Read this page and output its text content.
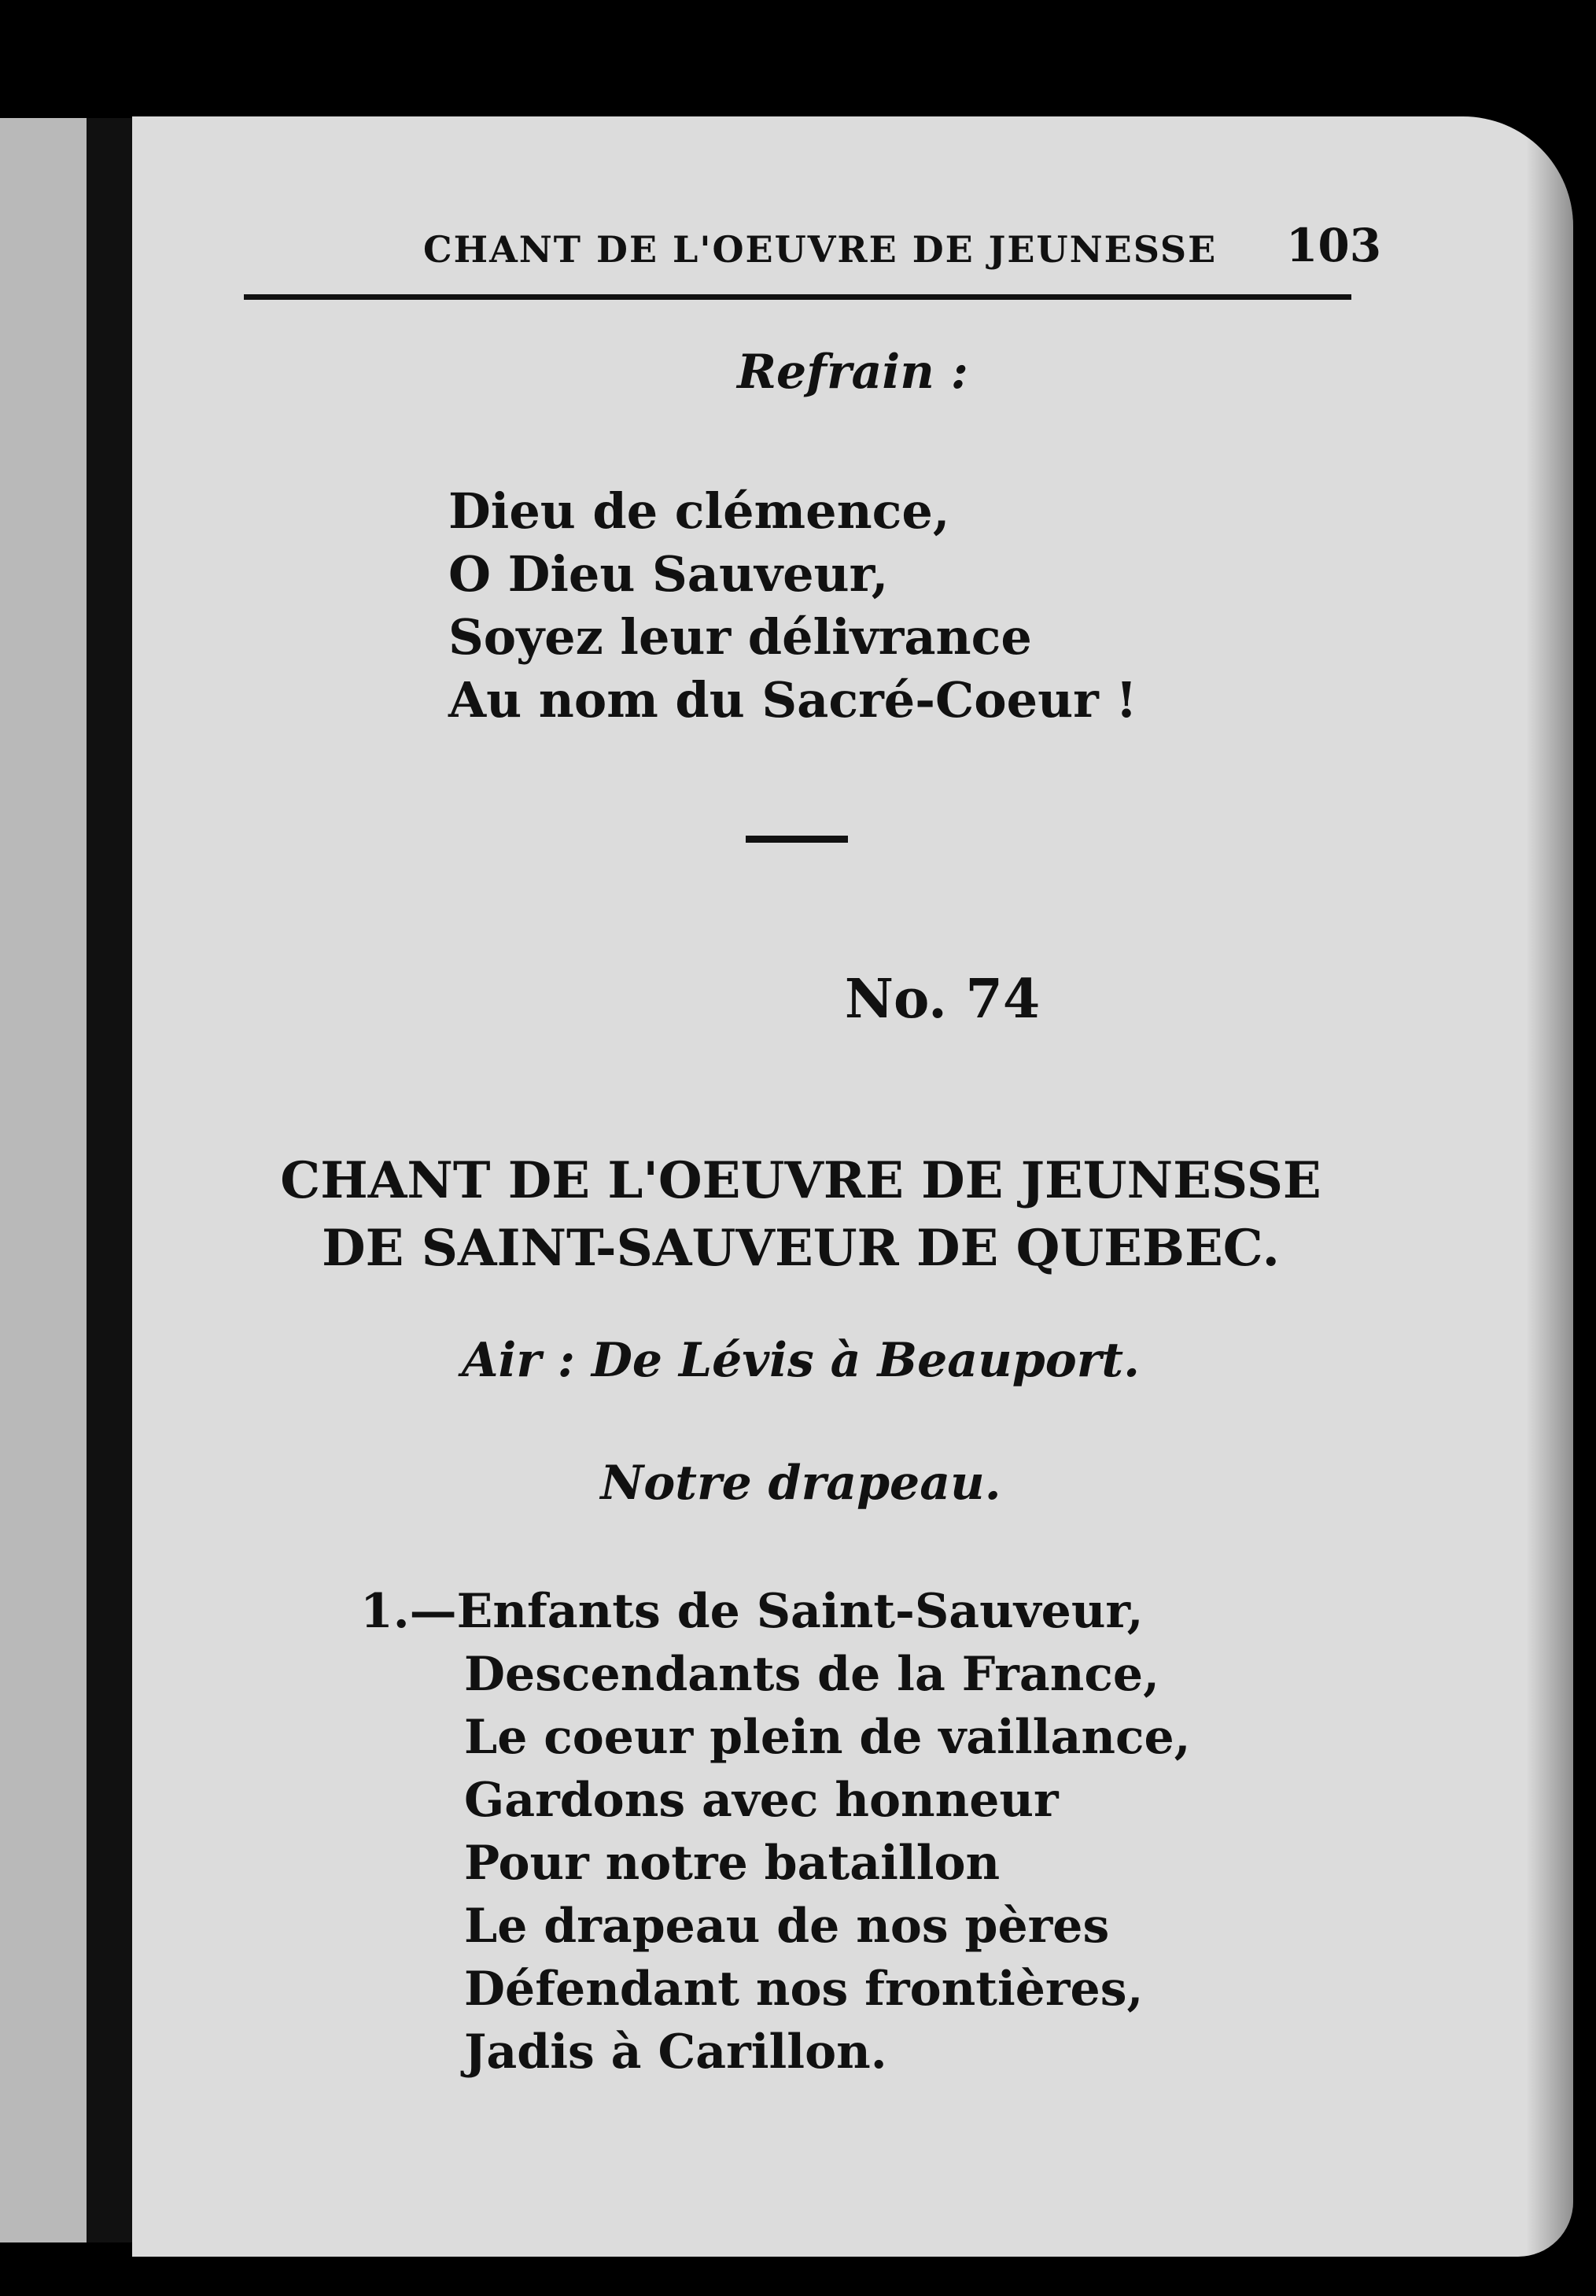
CHANT DE L'OEUVRE DE JEUNESSE 103
Refrain :
Dieu de clémence,
O Dieu Sauveur,
Soyez leur délivrance
Au nom du Sacré-Coeur !
No. 74
CHANT DE L'OEUVRE DE JEUNESSE
DE SAINT-SAUVEUR DE QUEBEC.
Air : De Lévis à Beauport.
Notre drapeau.
1. —Enfants de Saint-Sauveur,
Descendants de la France,
Le coeur plein de vaillance,
Gardons avec honneur
Pour notre bataillon
Le drapeau de nos pères
Défendant nos frontières,
Jadis à Carillon.
